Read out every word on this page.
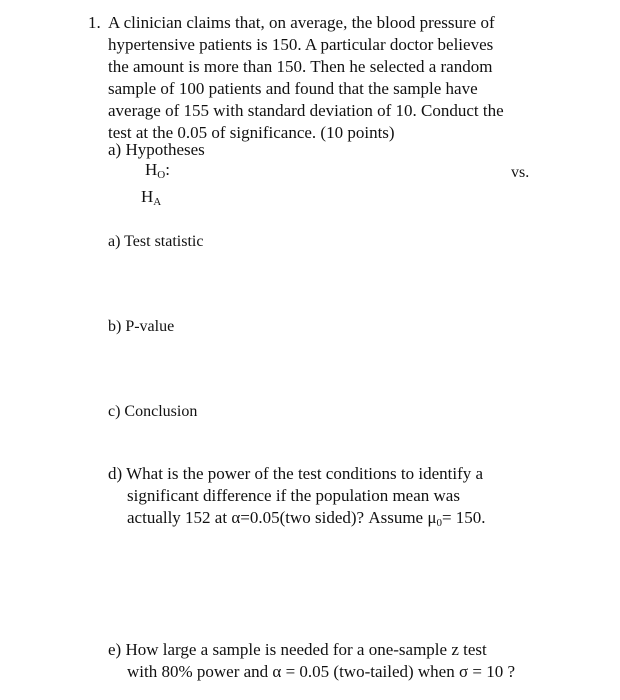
1. A clinician claims that, on average, the blood pressure of
hypertensive patients is 150. A particular doctor believes
the amount is more than 150. Then he selected a random
sample of 100 patients and found that the sample have
average of 155 with standard deviation of 10. Conduct the
test at the 0.05 of significance. (10 points)
a) Hypotheses
$H_O$:	vs.
$H_A$
a) Test statistic
b) P-value
c) Conclusion
d) What is the power of the test conditions to identify a
significant difference if the population mean was
actually 152 at α=0.05(two sided)? Assume $\mu_0= 150$.
e) How large a sample is needed for a one-sample z test
with 80% power and α = 0.05 (two-tailed) when σ = 10 ?
